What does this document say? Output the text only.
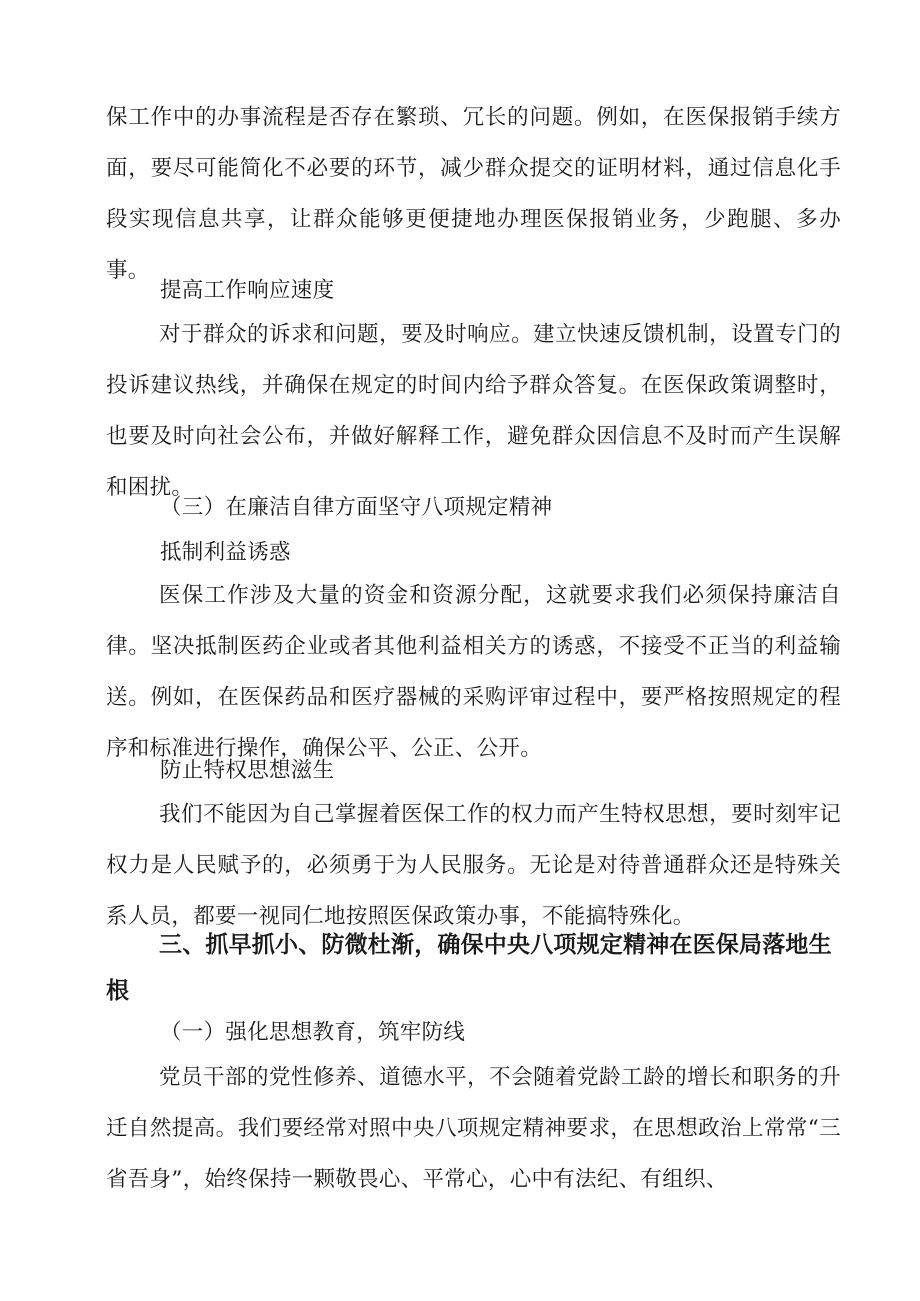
保工作中的办事流程是否存在繁琐、冗长的问题。例如，在医保报销手续方面，要尽可能简化不必要的环节，减少群众提交的证明材料，通过信息化手段实现信息共享，让群众能够更便捷地办理医保报销业务，少跑腿、多办事。

提高工作响应速度

对于群众的诉求和问题，要及时响应。建立快速反馈机制，设置专门的投诉建议热线，并确保在规定的时间内给予群众答复。在医保政策调整时，也要及时向社会公布，并做好解释工作，避免群众因信息不及时而产生误解和困扰。

（三）在廉洁自律方面坚守八项规定精神

抵制利益诱惑

医保工作涉及大量的资金和资源分配，这就要求我们必须保持廉洁自律。坚决抵制医药企业或者其他利益相关方的诱惑，不接受不正当的利益输送。例如，在医保药品和医疗器械的采购评审过程中，要严格按照规定的程序和标准进行操作，确保公平、公正、公开。

防止特权思想滋生

我们不能因为自己掌握着医保工作的权力而产生特权思想，要时刻牢记权力是人民赋予的，必须勇于为人民服务。无论是对待普通群众还是特殊关系人员，都要一视同仁地按照医保政策办事，不能搞特殊化。

三、抓早抓小、防微杜渐，确保中央八项规定精神在医保局落地生根

（一）强化思想教育，筑牢防线

党员干部的党性修养、道德水平，不会随着党龄工龄的增长和职务的升迁自然提高。我们要经常对照中央八项规定精神要求，在思想政治上常常“三省吾身”，始终保持一颗敬畏心、平常心，心中有法纪、有组织、
